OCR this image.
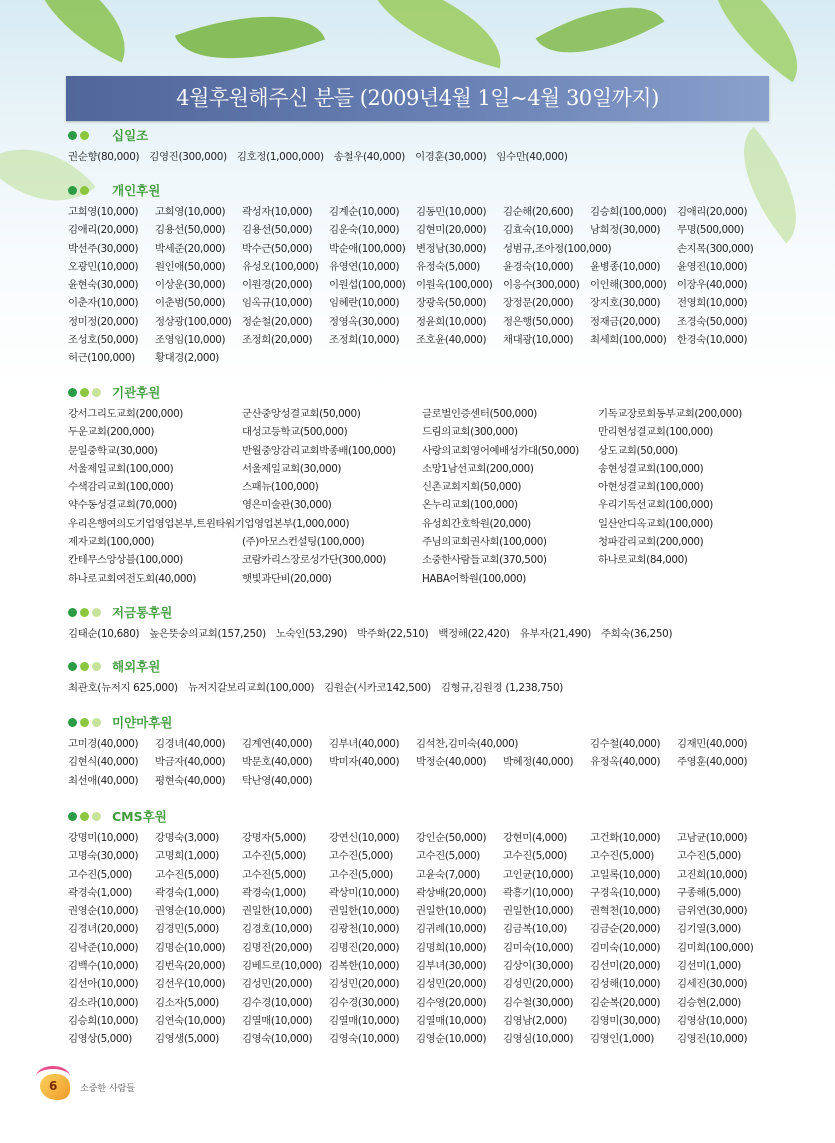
4월후원해주신 분들 (2009년4월 1일~4월 30일까지)
십일조
권순향(80,000) 김영진(300,000) 김호정(1,000,000) 송철우(40,000) 이경훈(30,000) 임수만(40,000)
개인후원
고희영(10,000)	고희영(10,000)	곽성자(10,000)	김계순(10,000)	김동민(10,000)	김순해(20,600)	김승희(100,000)	김애리(20,000)
김애리(20,000)	김용선(50,000)	김용선(50,000)	김운숙(10,000)	김현미(20,000)	김효숙(10,000)	남희정(30,000)	무명(500,000)
박선주(30,000)	박세준(20,000)	박수근(50,000)	박순애(100,000)	변정남(30,000)	성범규,조아정(100,000)	손지목(300,000)
오광민(10,000)	원인애(50,000)	유성오(100,000)	유영연(10,000)	유정숙(5,000)	윤경숙(10,000)	윤병종(10,000)	윤영진(10,000)
윤현숙(30,000)	이상운(30,000)	이원경(20,000)	이원섭(100,000)	이원옥(100,000)	이응수(300,000)	이인해(300,000)	이장우(40,000)
이춘자(10,000)	이춘범(50,000)	임옥규(10,000)	임혜란(10,000)	장광욱(50,000)	장정문(20,000)	장지호(30,000)	전영희(10,000)
정미정(20,000)	정상광(100,000)	정순철(20,000)	정영옥(30,000)	정윤희(10,000)	정은행(50,000)	정재금(20,000)	조경숙(50,000)
조성호(50,000)	조영임(10,000)	조정희(20,000)	조정희(10,000)	조호윤(40,000)	채대광(10,000)	최세희(100,000)	한경숙(10,000)
허근(100,000)	황대경(2,000)
기관후원
강서그리도교회(200,000)	군산중앙성결교회(50,000)	글로벌인증센터(500,000)	기독교장로회동부교회(200,000)
두운교회(200,000)	대성고등학교(500,000)	드림의교회(300,000)	만리현성결교회(100,000)
문일중학교(30,000)	반월중앙감리교회박종배(100,000)	사랑의교회영어예배성가대(50,000)	상도교회(50,000)
서울제일교회(100,000)	서울제일교회(30,000)	소망1남선교회(200,000)	송현성결교회(100,000)
수색감리교회(100,000)	스패뉴(100,000)	신촌교회지회(50,000)	아현성결교회(100,000)
약수동성결교회(70,000)	영은미술관(30,000)	온누리교회(100,000)	우리기독선교회(100,000)
우리은행여의도기업영업본부,트윈타워기업영업본부(1,000,000)	유성희간호학원(20,000)	일산안디옥교회(100,000)
제자교회(100,000)	(주)아모스컨설팅(100,000)	주님의교회권사회(100,000)	청파감리교회(200,000)
칸테무스앙상블(100,000)	코람카리스장로성가단(300,000)	소중한사람들교회(370,500)	하나로교회(84,000)
하나로교회여전도회(40,000)	햇빛과단비(20,000)	HABA어학원(100,000)
저금통후원
김태순(10,680) 높은뜻숭의교회(157,250) 노숙인(53,290) 박주화(22,510) 백정해(22,420) 유부자(21,490) 주희숙(36,250)
해외후원
최관호(뉴저지 625,000) 뉴저지갈보리교회(100,000) 김원순(시카코142,500) 김형규,김원경 (1,238,750)
미얀마후원
고미경(40,000)	김경녀(40,000)	김계연(40,000)	김부녀(40,000)	김석찬,김미숙(40,000)	김수철(40,000)	김재민(40,000)
김현식(40,000)	박금자(40,000)	박문호(40,000)	박미자(40,000)	박정순(40,000)	박혜정(40,000)	유정옥(40,000)	주영훈(40,000)
최선애(40,000)	평현숙(40,000)	탁난영(40,000)
CMS후원
강명미(10,000)	강명숙(3,000)	강명자(5,000)	강연신(10,000)	강인순(50,000)	강현미(4,000)	고건화(10,000)	고남균(10,000)
고명숙(30,000)	고명희(1,000)	고수진(5,000)	고수진(5,000)	고수진(5,000)	고수진(5,000)	고수진(5,000)	고수진(5,000)
고수진(5,000)	고수진(5,000)	고수진(5,000)	고수진(5,000)	고윤숙(7,000)	고인균(10,000)	고일록(10,000)	고진희(10,000)
곽경숙(1,000)	곽경숙(1,000)	곽경숙(1,000)	곽상미(10,000)	곽상배(20,000)	곽흥기(10,000)	구경옥(10,000)	구종해(5,000)
권영순(10,000)	권영순(10,000)	권일한(10,000)	권일한(10,000)	권일한(10,000)	권일한(10,000)	권혁천(10,000)	금위연(30,000)
김경녀(20,000)	김경민(5,000)	김경호(10,000)	김광천(10,000)	김귀례(10,000)	김금복(10,00)	김금순(20,000)	김기열(3,000)
김낙준(10,000)	김명순(10,000)	김명진(20,000)	김명진(20,000)	김명희(10,000)	김미숙(10,000)	김미숙(10,000)	김미희(100,000)
김백수(10,000)	김번옥(20,000)	김베드로(10,000) 김복한(10,000)	김부녀(30,000)	김상이(30,000)	김선미(20,000)	김선미(1,000)
김선아(10,000)	김선우(10,000)	김성민(20,000)	김성민(20,000)	김성민(20,000)	김성민(20,000)	김성해(10,000)	김세진(30,000)
김소라(10,000)	김소자(5,000)	김수경(10,000)	김수경(30,000)	김수영(20,000)	김수철(30,000)	김순복(20,000)	김승현(2,000)
김승희(10,000)	김연숙(10,000)	김열매(10,000)	김열매(10,000)	김열매(10,000)	김영남(2,000)	김영미(30,000)	김영삼(10,000)
김영상(5,000)	김영생(5,000)	김영숙(10,000)	김영숙(10,000)	김영순(10,000)	김영심(10,000)	김영인(1,000)	김영진(10,000)
6	소중한 사람들
